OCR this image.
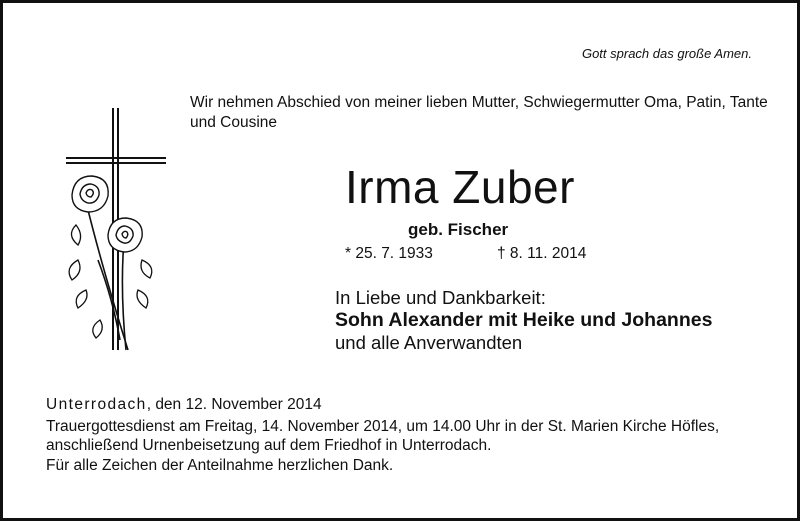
Gott sprach das große Amen.
Wir nehmen Abschied von meiner lieben Mutter, Schwiegermutter Oma, Patin, Tante und Cousine
Irma Zuber
geb. Fischer
* 25. 7. 1933	† 8. 11. 2014
In Liebe und Dankbarkeit:
Sohn Alexander mit Heike und Johannes
und alle Anverwandten
Unterrodach, den 12. November 2014
Trauergottesdienst am Freitag, 14. November 2014, um 14.00 Uhr in der St. Marien Kirche Höfles, anschließend Urnenbeisetzung auf dem Friedhof in Unterrodach.
Für alle Zeichen der Anteilnahme herzlichen Dank.
